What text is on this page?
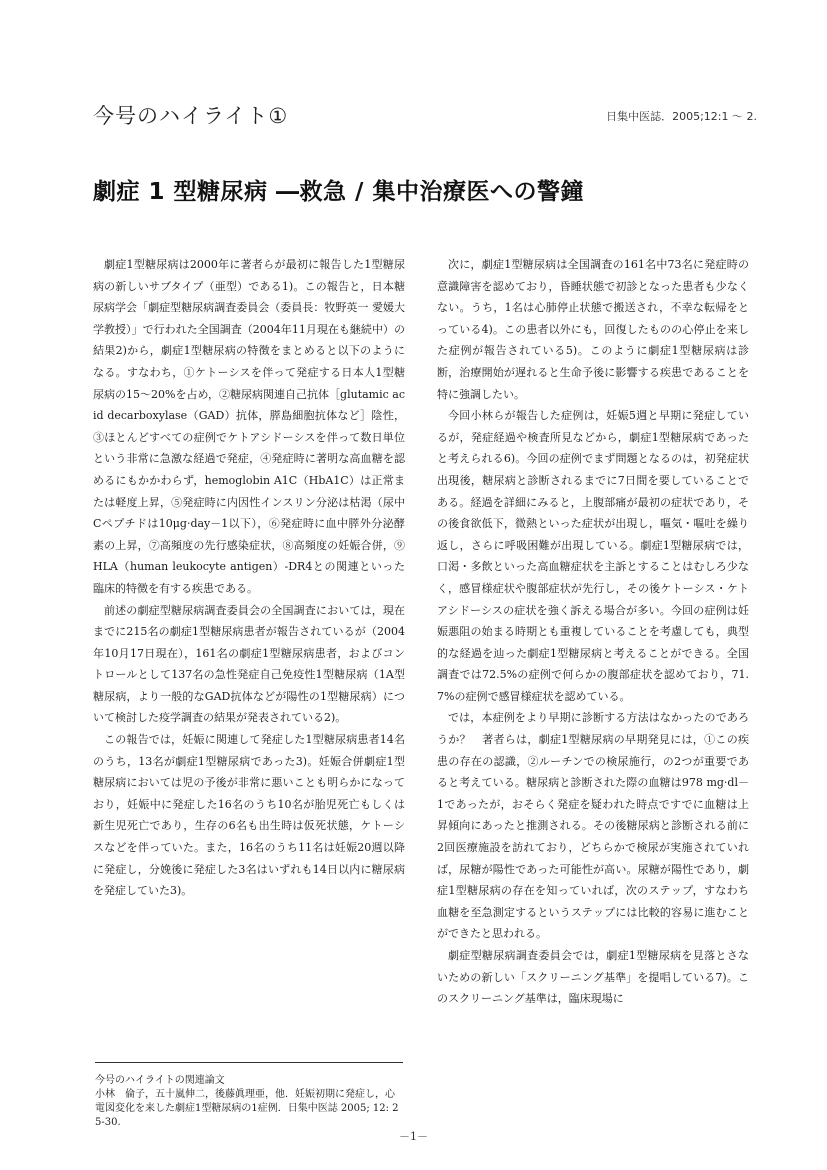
今号のハイライト①	日集中医誌．2005;12:1 ～ 2.
劇症 1 型糖尿病 ―救急 / 集中治療医への警鐘

劇症1型糖尿病は2000年に著者らが最初に報告した1型糖尿病の新しいサブタイプ（亜型）である1)。この報告と，日本糖尿病学会「劇症型糖尿病調査委員会（委員長：牧野英一 愛媛大学教授）」で行われた全国調査（2004年11月現在も継続中）の結果2)から，劇症1型糖尿病の特徴をまとめると以下のようになる。すなわち，①ケトーシスを伴って発症する日本人1型糖尿病の15～20%を占め，②糖尿病関連自己抗体［glutamic acid decarboxylase（GAD）抗体，膵島細胞抗体など］陰性，③ほとんどすべての症例でケトアシドーシスを伴って数日単位という非常に急激な経過で発症，④発症時に著明な高血糖を認めるにもかかわらず，hemoglobin A1C（HbA1C）は正常または軽度上昇，⑤発症時に内因性インスリン分泌は枯渇（尿中Cペプチドは10μg·day－1以下），⑥発症時に血中膵外分泌酵素の上昇，⑦高頻度の先行感染症状，⑧高頻度の妊娠合併，⑨HLA（human leukocyte antigen）-DR4との関連といった臨床的特徴を有する疾患である。

前述の劇症型糖尿病調査委員会の全国調査においては，現在までに215名の劇症1型糖尿病患者が報告されているが（2004年10月17日現在），161名の劇症1型糖尿病患者，およびコントロールとして137名の急性発症自己免疫性1型糖尿病（1A型糖尿病，より一般的なGAD抗体などが陽性の1型糖尿病）について検討した疫学調査の結果が発表されている2)。

この報告では，妊娠に関連して発症した1型糖尿病患者14名のうち，13名が劇症1型糖尿病であった3)。妊娠合併劇症1型糖尿病においては児の予後が非常に悪いことも明らかになっており，妊娠中に発症した16名のうち10名が胎児死亡もしくは新生児死亡であり，生存の6名も出生時は仮死状態，ケトーシスなどを伴っていた。また，16名のうち11名は妊娠20週以降に発症し，分娩後に発症した3名はいずれも14日以内に糖尿病を発症していた3)。

次に，劇症1型糖尿病は全国調査の161名中73名に発症時の意識障害を認めており，昏睡状態で初診となった患者も少なくない。うち，1名は心肺停止状態で搬送され，不幸な転帰をとっている4)。この患者以外にも，回復したものの心停止を来した症例が報告されている5)。このように劇症1型糖尿病は診断，治療開始が遅れると生命予後に影響する疾患であることを特に強調したい。

今回小林らが報告した症例は，妊娠5週と早期に発症しているが，発症経過や検査所見などから，劇症1型糖尿病であったと考えられる6)。今回の症例でまず問題となるのは，初発症状出現後，糖尿病と診断されるまでに7日間を要していることである。経過を詳細にみると，上腹部痛が最初の症状であり，その後食欲低下，微熱といった症状が出現し，嘔気・嘔吐を繰り返し，さらに呼吸困難が出現している。劇症1型糖尿病では，口渇・多飲といった高血糖症状を主訴とすることはむしろ少なく，感冒様症状や腹部症状が先行し，その後ケトーシス・ケトアシドーシスの症状を強く訴える場合が多い。今回の症例は妊娠悪阻の始まる時期とも重複していることを考慮しても，典型的な経過を辿った劇症1型糖尿病と考えることができる。全国調査では72.5%の症例で何らかの腹部症状を認めており，71.7%の症例で感冒様症状を認めている。

では，本症例をより早期に診断する方法はなかったのであろうか？　著者らは，劇症1型糖尿病の早期発見には，①この疾患の存在の認識，②ルーチンでの検尿施行，の2つが重要であると考えている。糖尿病と診断された際の血糖は978 mg·dl－1であったが，おそらく発症を疑われた時点ですでに血糖は上昇傾向にあったと推測される。その後糖尿病と診断される前に2回医療施設を訪れており，どちらかで検尿が実施されていれば，尿糖が陽性であった可能性が高い。尿糖が陽性であり，劇症1型糖尿病の存在を知っていれば，次のステップ，すなわち血糖を至急測定するというステップには比較的容易に進むことができたと思われる。

劇症型糖尿病調査委員会では，劇症1型糖尿病を見落とさないための新しい「スクリーニング基準」を提唱している7)。このスクリーニング基準は，臨床現場に

今号のハイライトの関連論文

小林　倫子，五十嵐伸二，後藤眞理亜，他．妊娠初期に発症し，心電図変化を来した劇症1型糖尿病の1症例．日集中医誌 2005; 12: 25-30.

－1－
